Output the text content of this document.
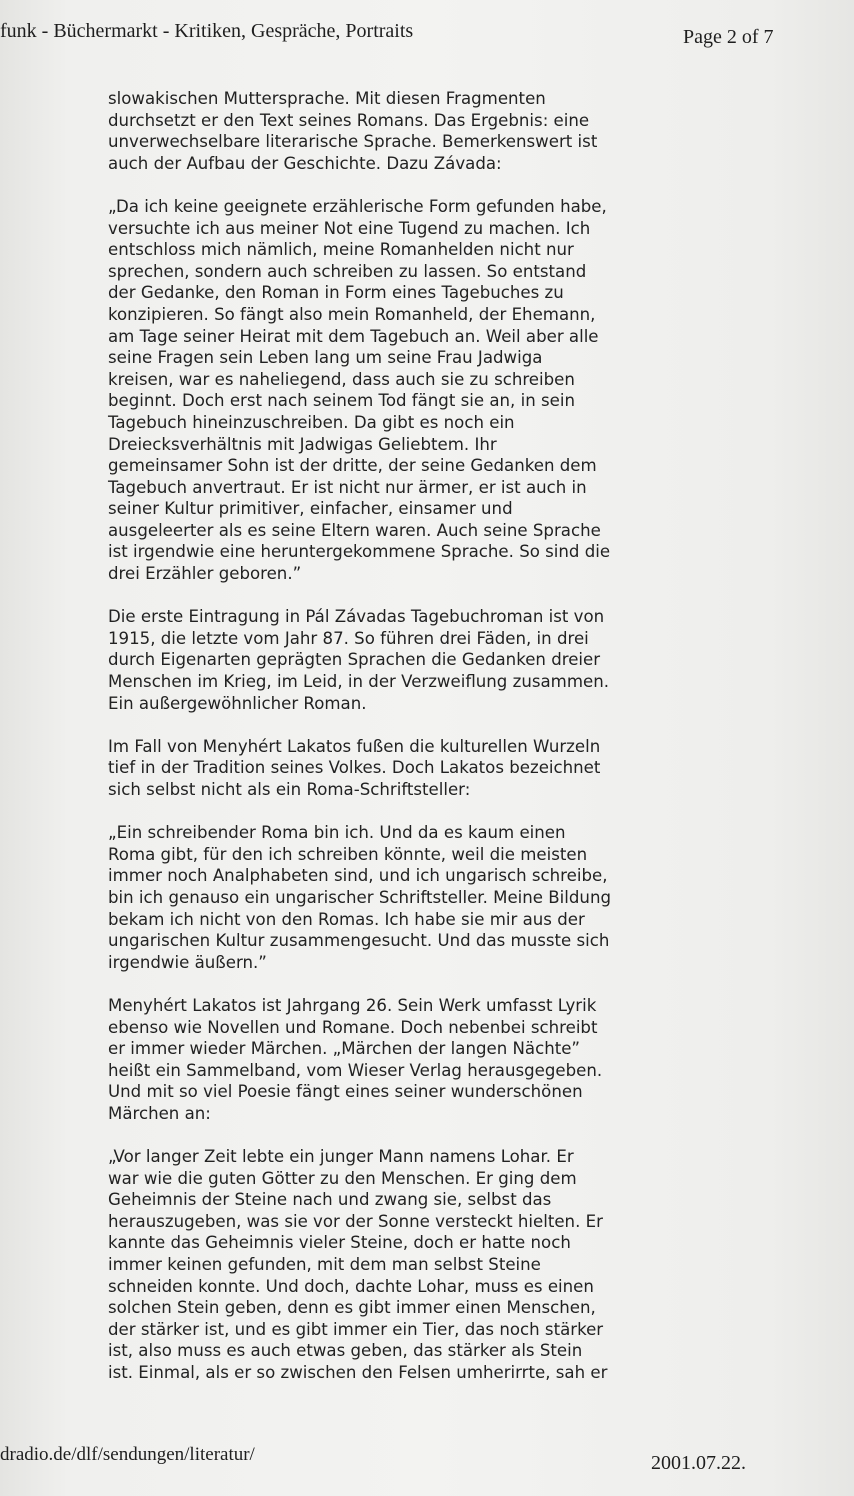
funk - Büchermarkt - Kritiken, Gespräche, Portraits	Page 2 of 7

slowakischen Muttersprache. Mit diesen Fragmenten
durchsetzt er den Text seines Romans. Das Ergebnis: eine
unverwechselbare literarische Sprache. Bemerkenswert ist
auch der Aufbau der Geschichte. Dazu Závada:

„Da ich keine geeignete erzählerische Form gefunden habe,
versuchte ich aus meiner Not eine Tugend zu machen. Ich
entschloss mich nämlich, meine Romanhelden nicht nur
sprechen, sondern auch schreiben zu lassen. So entstand
der Gedanke, den Roman in Form eines Tagebuches zu
konzipieren. So fängt also mein Romanheld, der Ehemann,
am Tage seiner Heirat mit dem Tagebuch an. Weil aber alle
seine Fragen sein Leben lang um seine Frau Jadwiga
kreisen, war es naheliegend, dass auch sie zu schreiben
beginnt. Doch erst nach seinem Tod fängt sie an, in sein
Tagebuch hineinzuschreiben. Da gibt es noch ein
Dreiecksverhältnis mit Jadwigas Geliebtem. Ihr
gemeinsamer Sohn ist der dritte, der seine Gedanken dem
Tagebuch anvertraut. Er ist nicht nur ärmer, er ist auch in
seiner Kultur primitiver, einfacher, einsamer und
ausgeleerter als es seine Eltern waren. Auch seine Sprache
ist irgendwie eine heruntergekommene Sprache. So sind die
drei Erzähler geboren.”

Die erste Eintragung in Pál Závadas Tagebuchroman ist von
1915, die letzte vom Jahr 87. So führen drei Fäden, in drei
durch Eigenarten geprägten Sprachen die Gedanken dreier
Menschen im Krieg, im Leid, in der Verzweiflung zusammen.
Ein außergewöhnlicher Roman.

Im Fall von Menyhért Lakatos fußen die kulturellen Wurzeln
tief in der Tradition seines Volkes. Doch Lakatos bezeichnet
sich selbst nicht als ein Roma-Schriftsteller:

„Ein schreibender Roma bin ich. Und da es kaum einen
Roma gibt, für den ich schreiben könnte, weil die meisten
immer noch Analphabeten sind, und ich ungarisch schreibe,
bin ich genauso ein ungarischer Schriftsteller. Meine Bildung
bekam ich nicht von den Romas. Ich habe sie mir aus der
ungarischen Kultur zusammengesucht. Und das musste sich
irgendwie äußern.”

Menyhért Lakatos ist Jahrgang 26. Sein Werk umfasst Lyrik
ebenso wie Novellen und Romane. Doch nebenbei schreibt
er immer wieder Märchen. „Märchen der langen Nächte”
heißt ein Sammelband, vom Wieser Verlag herausgegeben.
Und mit so viel Poesie fängt eines seiner wunderschönen
Märchen an:

„Vor langer Zeit lebte ein junger Mann namens Lohar. Er
war wie die guten Götter zu den Menschen. Er ging dem
Geheimnis der Steine nach und zwang sie, selbst das
herauszugeben, was sie vor der Sonne versteckt hielten. Er
kannte das Geheimnis vieler Steine, doch er hatte noch
immer keinen gefunden, mit dem man selbst Steine
schneiden konnte. Und doch, dachte Lohar, muss es einen
solchen Stein geben, denn es gibt immer einen Menschen,
der stärker ist, und es gibt immer ein Tier, das noch stärker
ist, also muss es auch etwas geben, das stärker als Stein
ist. Einmal, als er so zwischen den Felsen umherirrte, sah er

dradio.de/dlf/sendungen/literatur/	2001.07.22.
